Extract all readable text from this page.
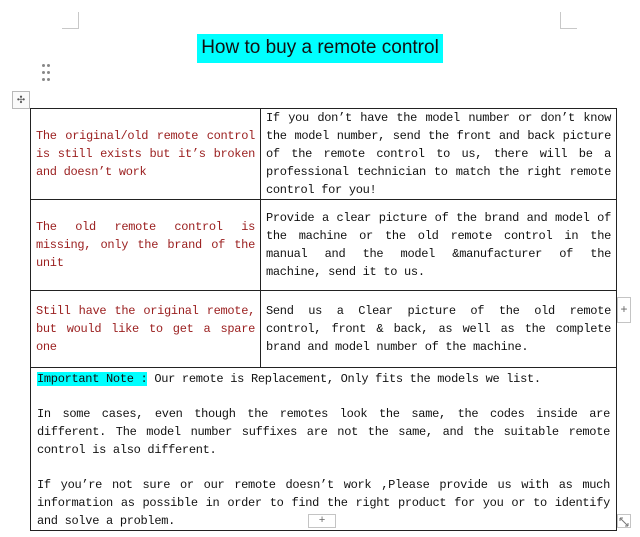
How to buy a remote control
✣
The original/old remote control is still exists but it’s broken and doesn’t work	If you don’t have the model number or don’t know the model number, send the front and back picture of the remote control to us, there will be a professional technician to match the right remote control for you!
The old remote control is missing, only the brand of the unit	Provide a clear picture of the brand and model of the machine or the old remote control in the manual and the model &manufacturer of the machine, send it to us.
Still have the original remote, but would like to get a spare one	Send us a Clear picture of the old remote control, front & back, as well as the complete brand and model number of the machine.

Important Note : Our remote is Replacement, Only fits the models we list.

In some cases, even though the remotes look the same, the codes inside are different. The model number suffixes are not the same, and the suitable remote control is also different.

If you’re not sure or our remote doesn’t work ,Please provide us with as much information as possible in order to find the right product for you or to identify and solve a problem.	

+
+
